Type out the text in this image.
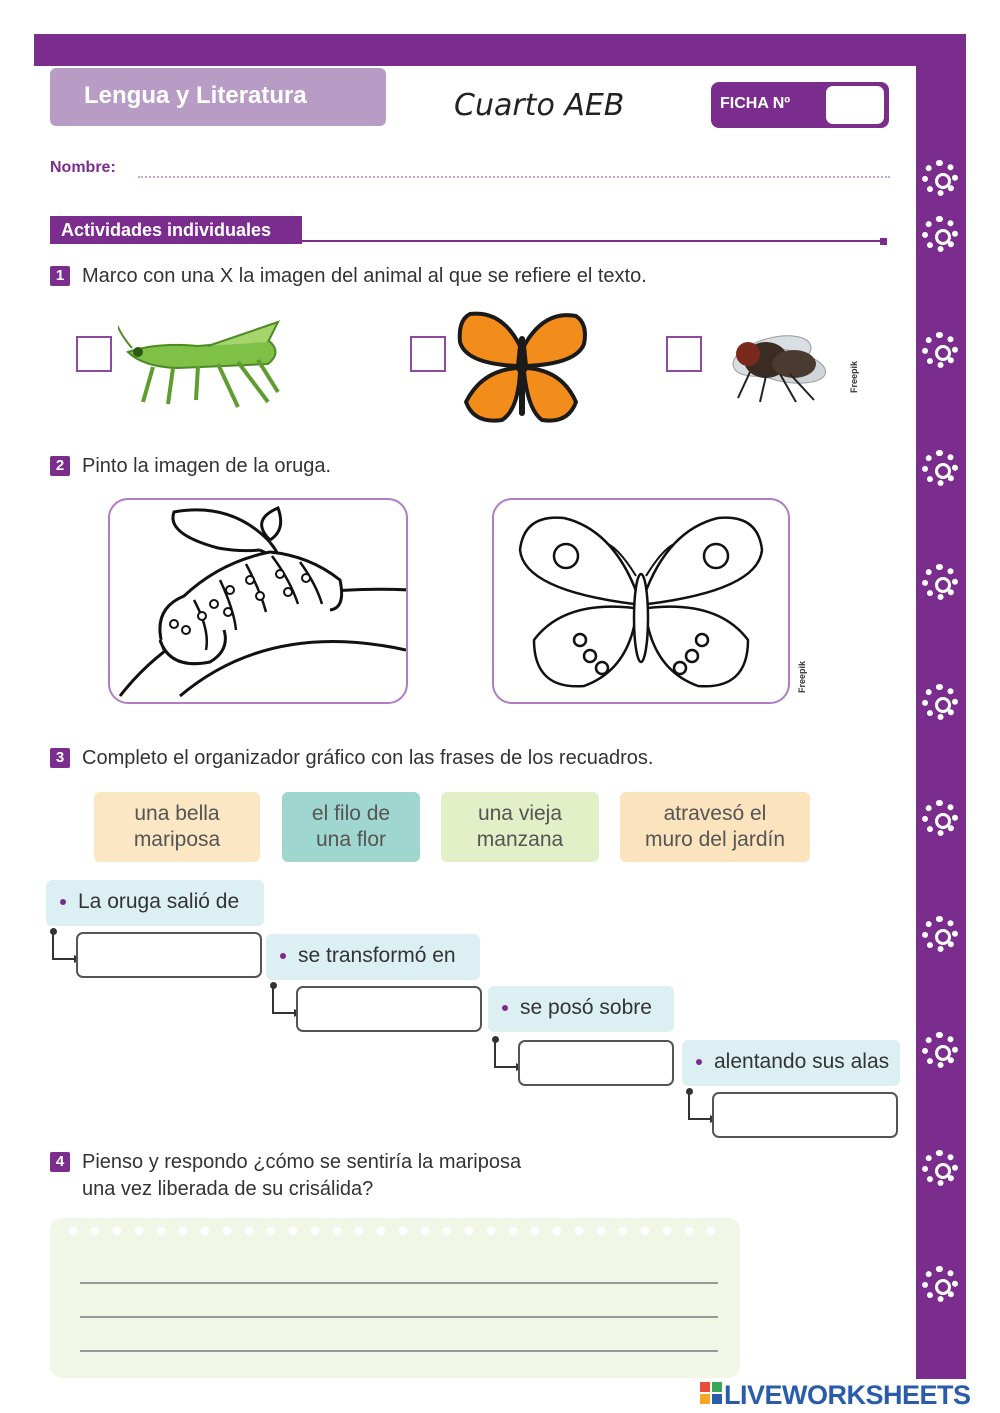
Lengua y Literatura	Cuarto AEB	FICHA Nº
Nombre:
Actividades individuales
1 Marco con una X la imagen del animal al que se refiere el texto.
Freepik
2 Pinto la imagen de la oruga.
Freepik
3 Completo el organizador gráfico con las frases de los recuadros.
una bella
mariposa
el filo de
una flor
una vieja
manzana
atravesó el
muro del jardín
La oruga salió de
se transformó en
se posó sobre
alentando sus alas
4 Pienso y respondo ¿cómo se sentiría la mariposa
una vez liberada de su crisálida?
LIVEWORKSHEETS
